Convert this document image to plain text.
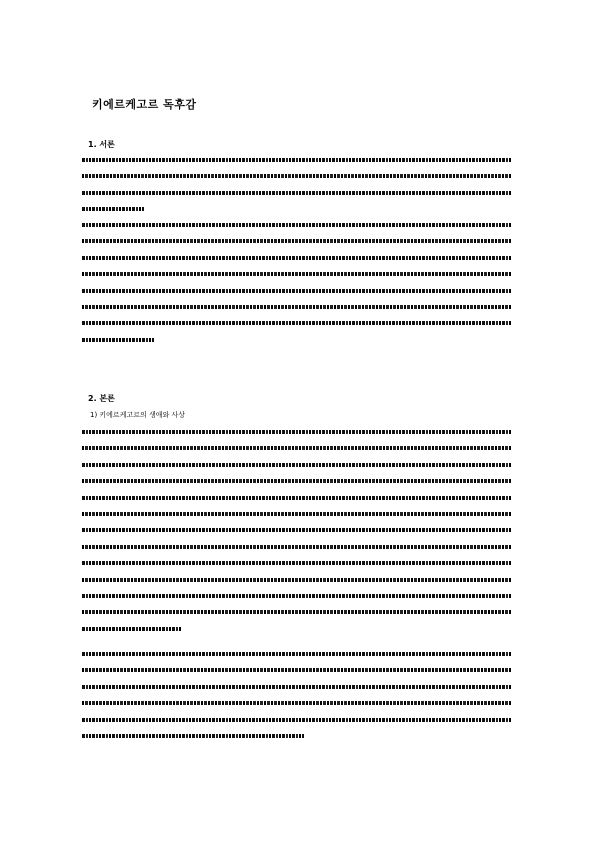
키에르케고르 독후감
1. 서론
2. 본론
1) 키에르케고르의 생애와 사상
